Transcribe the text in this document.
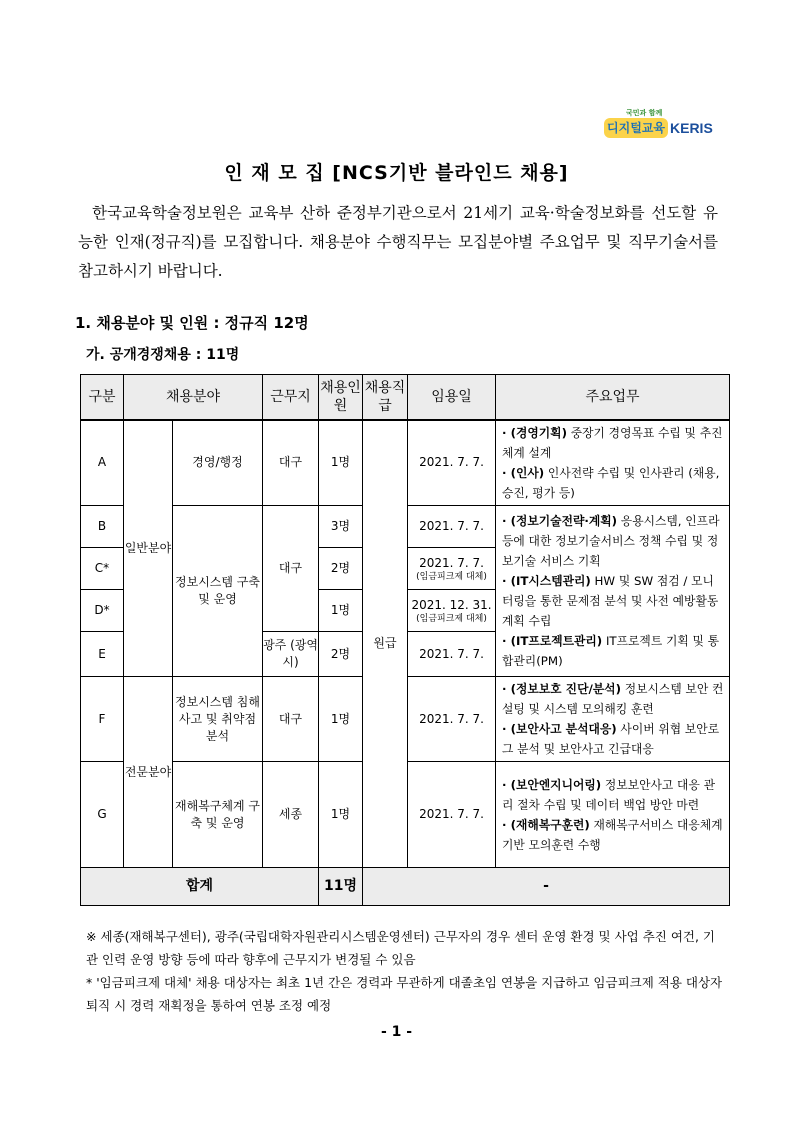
국민과 함께
디지털교육 KERIS
인 재 모 집 [NCS기반 블라인드 채용]
한국교육학술정보원은 교육부 산하 준정부기관으로서 21세기 교육·학술정보화를 선도할 유능한 인재(정규직)를 모집합니다. 채용분야 수행직무는 모집분야별 주요업무 및 직무기술서를 참고하시기 바랍니다.
1. 채용분야 및 인원 : 정규직 12명
가. 공개경쟁채용 : 11명
구분	채용분야		근무지	채용인원	채용직급	임용일	주요업무
A	일반분야	경영/행정	대구	1명	원급	2021. 7. 7.	· (경영기획) 중장기 경영목표 수립 및 추진체계 설계
· (인사) 인사전략 수립 및 인사관리 (채용, 승진, 평가 등)

B		정보시스템 구축 및 운영	대구	3명		2021. 7. 7.	· (정보기술전략·계획) 응용시스템, 인프라 등에 대한 정보기술서비스 정책 수립 및 정보기술 서비스 기획
· (IT시스템관리) HW 및 SW 점검 / 모니터링을 통한 문제점 분석 및 사전 예방활동 계획 수립
· (IT프로젝트관리) IT프로젝트 기획 및 통합관리(PM)

C*				2명		2021. 7. 7.
(임금피크제 대체)	

D*				1명		2021. 12. 31.
(임금피크제 대체)	

E			광주 (광역시)	2명		2021. 7. 7.	
F	전문분야	정보시스템 침해사고 및 취약점 분석	대구	1명		2021. 7. 7.	· (정보보호 진단/분석) 정보시스템 보안 컨설팅 및 시스템 모의해킹 훈련
· (보안사고 분석대응) 사이버 위협 보안로그 분석 및 보안사고 긴급대응

G		재해복구체계 구축 및 운영	세종	1명		2021. 7. 7.	· (보안엔지니어링) 정보보안사고 대응 관리 절차 수립 및 데이터 백업 방안 마련
· (재해복구훈련) 재해복구서비스 대응체계 기반 모의훈련 수행

합계				11명	-		

※ 세종(재해복구센터), 광주(국립대학자원관리시스템운영센터) 근무자의 경우 센터 운영 환경 및 사업 추진 여건, 기관 인력 운영 방향 등에 따라 향후에 근무지가 변경될 수 있음

* '임금피크제 대체' 채용 대상자는 최초 1년 간은 경력과 무관하게 대졸초임 연봉을 지급하고 임금피크제 적용 대상자 퇴직 시 경력 재획정을 통하여 연봉 조정 예정

- 1 -
